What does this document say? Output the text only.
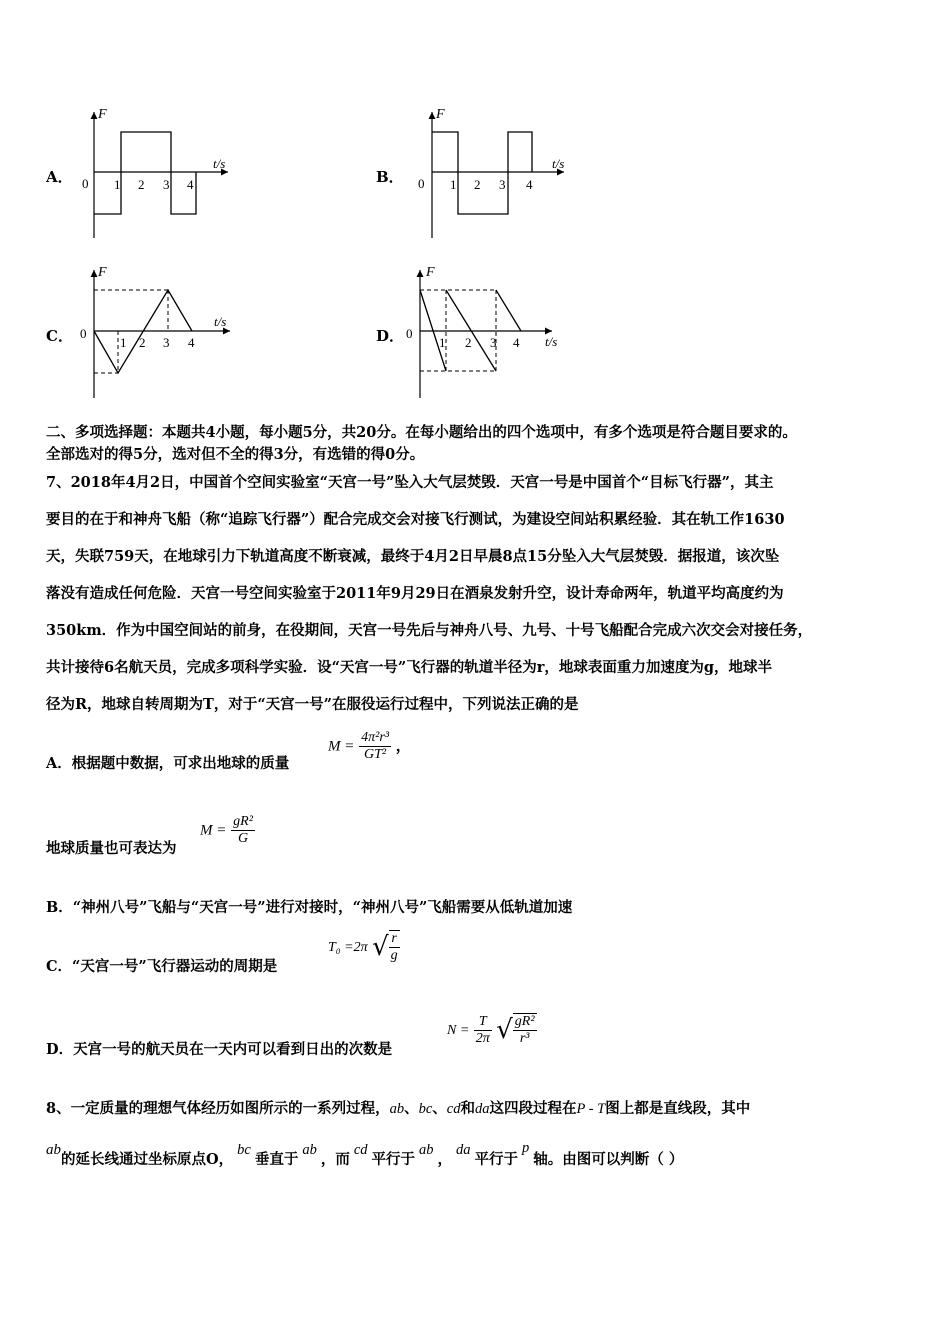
A．
F
t/s
0 1 2 3 4	B．
F
t/s
0 1 2 3 4
C．
F
t/s
0
1 2 3 4	D．
F
t/s
0
1 2 3 4
二、多项选择题：本题共4小题，每小题5分，共20分。在每小题给出的四个选项中，有多个选项是符合题目要求的。
全部选对的得5分，选对但不全的得3分，有选错的得0分。
7、2018年4月2日，中国首个空间实验室“天宫一号”坠入大气层焚毁．天宫一号是中国首个“目标飞行器”，其主
要目的在于和神舟飞船（称“追踪飞行器”）配合完成交会对接飞行测试，为建设空间站积累经验．其在轨工作1630
天，失联759天，在地球引力下轨道高度不断衰减，最终于4月2日早晨8点15分坠入大气层焚毁．据报道，该次坠
落没有造成任何危险．天宫一号空间实验室于2011年9月29日在酒泉发射升空，设计寿命两年，轨道平均高度约为
350km．作为中国空间站的前身，在役期间，天宫一号先后与神舟八号、九号、十号飞船配合完成六次交会对接任务，
共计接待6名航天员，完成多项科学实验．设“天宫一号”飞行器的轨道半径为r，地球表面重力加速度为g，地球半
径为R，地球自转周期为T，对于“天宫一号”在服役运行过程中，下列说法正确的是
A．根据题中数据，可求出地球的质量
$M = \frac{\text{4π²r³}}{\text{GT²}}$ ，
地球质量也可表达为
$M = \frac{\text{gR²}}{G}$
B．“神州八号”飞船与“天宫一号”进行对接时，“神州八号”飞船需要从低轨道加速
C．“天宫一号”飞行器运动的周期是
T₀ =2π √ $\frac{r}{g}$
D．天宫一号的航天员在一天内可以看到日出的次数是
$N = \frac{T}{2\pi}$ √ $\frac{\text{gR²}}{\text{r³}}$
8、一定质量的理想气体经历如图所示的一系列过程，ab、bc、cd和da这四段过程在P - T图上都是直线段，其中
ab的延长线通过坐标原点O，bc垂直于ab，而cd平行于ab，da平行于p轴。由图可以判断（ ）
